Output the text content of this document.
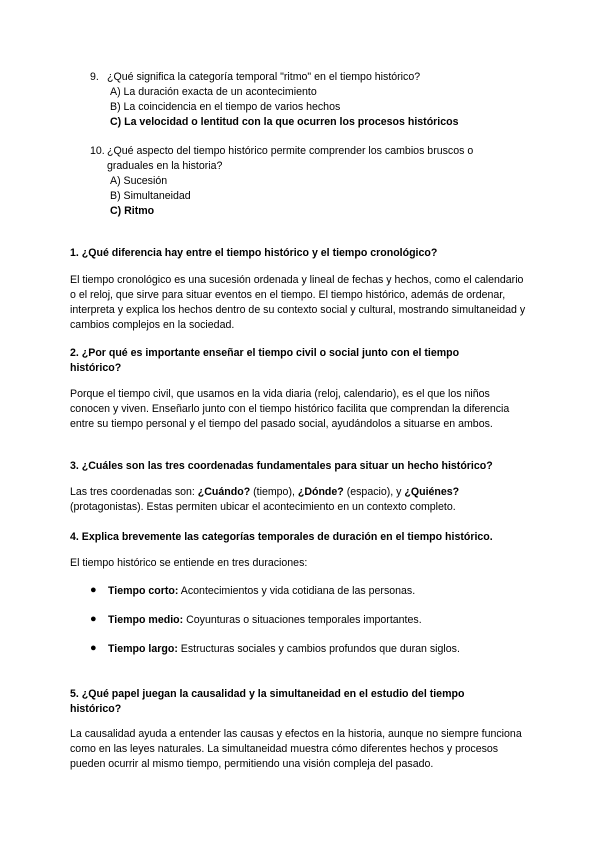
9. ¿Qué significa la categoría temporal "ritmo" en el tiempo histórico?
A) La duración exacta de un acontecimiento
B) La coincidencia en el tiempo de varios hechos
C) La velocidad o lentitud con la que ocurren los procesos históricos
10. ¿Qué aspecto del tiempo histórico permite comprender los cambios bruscos o graduales en la historia?
A) Sucesión
B) Simultaneidad
C) Ritmo
1. ¿Qué diferencia hay entre el tiempo histórico y el tiempo cronológico?
El tiempo cronológico es una sucesión ordenada y lineal de fechas y hechos, como el calendario o el reloj, que sirve para situar eventos en el tiempo. El tiempo histórico, además de ordenar, interpreta y explica los hechos dentro de su contexto social y cultural, mostrando simultaneidad y cambios complejos en la sociedad.
2. ¿Por qué es importante enseñar el tiempo civil o social junto con el tiempo histórico?
Porque el tiempo civil, que usamos en la vida diaria (reloj, calendario), es el que los niños conocen y viven. Enseñarlo junto con el tiempo histórico facilita que comprendan la diferencia entre su tiempo personal y el tiempo del pasado social, ayudándolos a situarse en ambos.
3. ¿Cuáles son las tres coordenadas fundamentales para situar un hecho histórico?
Las tres coordenadas son: ¿Cuándo? (tiempo), ¿Dónde? (espacio), y ¿Quiénes? (protagonistas). Estas permiten ubicar el acontecimiento en un contexto completo.
4. Explica brevemente las categorías temporales de duración en el tiempo histórico.
El tiempo histórico se entiende en tres duraciones:
● Tiempo corto: Acontecimientos y vida cotidiana de las personas.
● Tiempo medio: Coyunturas o situaciones temporales importantes.
● Tiempo largo: Estructuras sociales y cambios profundos que duran siglos.
5. ¿Qué papel juegan la causalidad y la simultaneidad en el estudio del tiempo histórico?
La causalidad ayuda a entender las causas y efectos en la historia, aunque no siempre funciona como en las leyes naturales. La simultaneidad muestra cómo diferentes hechos y procesos pueden ocurrir al mismo tiempo, permitiendo una visión compleja del pasado.
